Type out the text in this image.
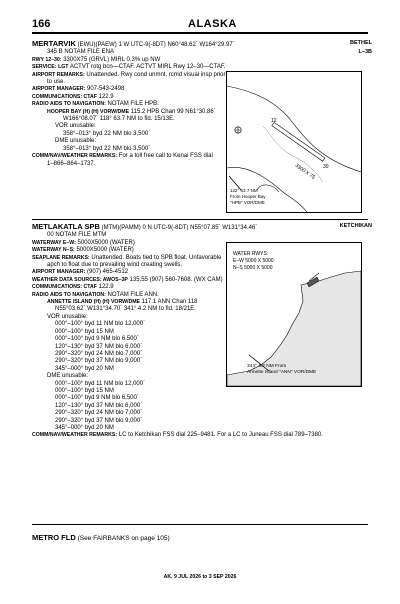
166	ALASKA
MERTARVIK (EWU)(PAEW) 1 W UTC-9(-8DT) N60°48.62´ W164°29.97´	BETHEL
345 B NOTAM FILE ENA	L–3B
RWY 12–30: 3300X75 (GRVL) MIRL 0.3% up NW
SERVICE: LGT ACTVT rotg bcn—CTAF. ACTVT MIRL Rwy 12–30—CTAF.
AIRPORT REMARKS: Unattended. Rwy cond unmnt. rcmd visual insp prior
to use.
AIRPORT MANAGER: 907-543-2498
COMMUNICATIONS: CTAF 122.9
RADIO AIDS TO NAVIGATION: NOTAM FILE HPB.
HOOPER BAY (H) (H) VORW/DME 115.2 HPB Chan 99 N61°30.86´
W166°08.07´ 118° 63.7 NM to fld. 15/13E.
VOR unusable:
358°–013° byd 22 NM blo 3,500´
DME unusable:
358°–013° byd 22 NM blo 3,500´
COMM/NAV/WEATHER REMARKS: For a toll free call to Kenai FSS dial
1–866–864–1737.	3300 X 75
12
30
122° 63.7 NM
From Hooper Bay
"HPB" VOR/DME
METLAKATLA SPB (MTM)(PAMM) 0 N UTC-9(-8DT) N55°07.85´ W131°34.46´	KETCHIKAN
00 NOTAM FILE MTM
WATERWAY E–W: 5000X5000 (WATER)
WATERWAY N–S: 5000X5000 (WATER)
SEAPLANE REMARKS: Unattended. Boats tied to SPB float. Unfavorable
apch to float due to prevailing wind creating swells.
AIRPORT MANAGER: (907) 465-4512
WEATHER DATA SOURCES: AWOS–3P 135.55 (907) 560-7608. (WX CAM)
COMMUNICATIONS: CTAF 122.9
RADIO AIDS TO NAVIGATION: NOTAM FILE ANN.
ANNETTE ISLAND (H) (H) VORW/DME 117.1 ANN Chan 118
N55°03.62´ W131°34.70´ 341° 4.2 NM to fld. 18/21E.
VOR unusable:
000°–100° byd 11 NM blo 12,000´
000°–100° byd 15 NM
000°–100° byd 9 NM blo 6,500´
120°–130° byd 37 NM blo 6,000´
290°–320° byd 24 NM blo 7,000´
290°–320° byd 37 NM blo 9,000´
345°–000° byd 20 NM
DME unusable:
000°–100° byd 11 NM blo 12,000´
000°–100° byd 15 NM
000°–100° byd 9 NM blo 6,500´
120°–130° byd 37 NM blo 6,000´
290°–320° byd 24 NM blo 7,000´
290°–320° byd 37 NM blo 9,000´
345°–000° byd 20 NM
COMM/NAV/WEATHER REMARKS: LC to Ketchikan FSS dial 225–9481. For a LC to Juneau FSS dial 789–7380.
WATER RWYS:
E–W 5000 X 5000
N–S 5000 X 5000
344° 4.2 NM From
Annette Island "ANN" VOR/DME
METRO FLD (See FAIRBANKS on page 105)
AK, 9 JUL 2026 to 3 SEP 2026
